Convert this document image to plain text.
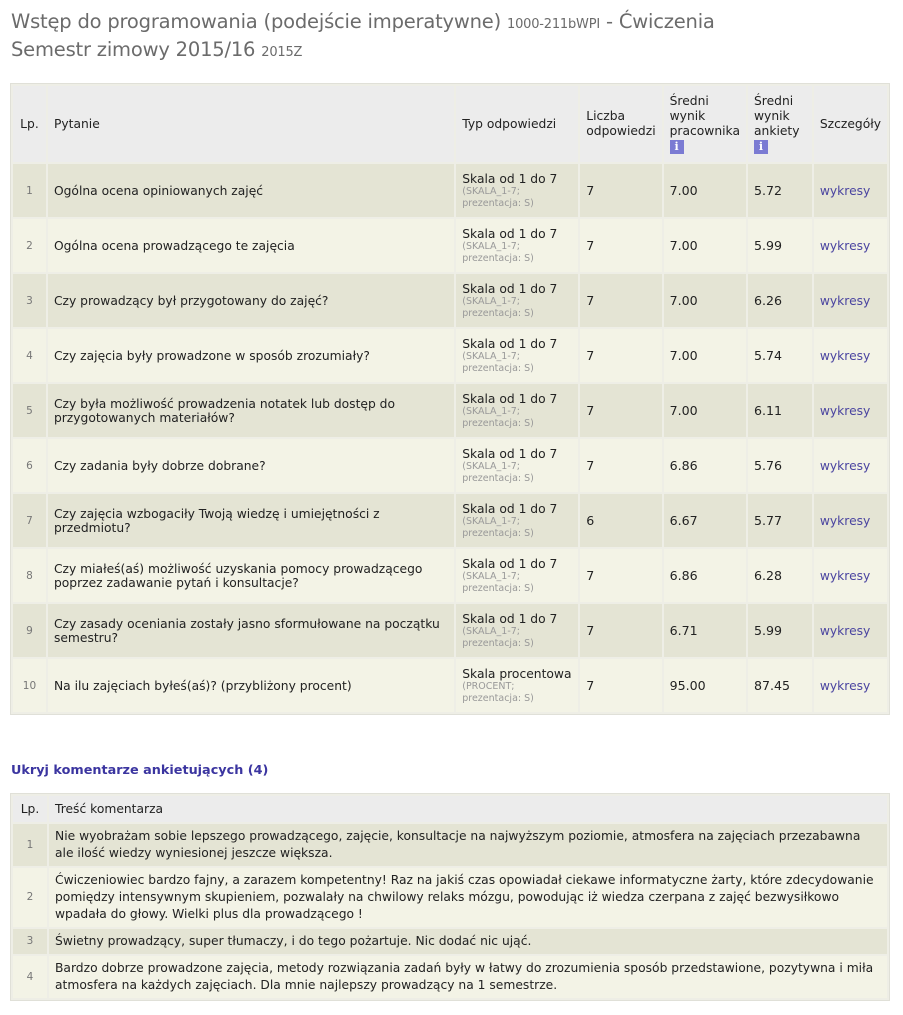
Wstęp do programowania (podejście imperatywne) 1000-211bWPI - Ćwiczenia
Semestr zimowy 2015/16 2015Z
Lp.	Pytanie	Typ odpowiedzi	Liczba
odpowiedzi	Średni
wynik
pracownika
i	Średni
wynik
ankiety
i	Szczegóły
1	Ogólna ocena opiniowanych zajęć	Skala od 1 do 7
(SKALA_1-7;
prezentacja: S)	7	7.00	5.72	wykresy
2	Ogólna ocena prowadzącego te zajęcia	Skala od 1 do 7
(SKALA_1-7;
prezentacja: S)	7	7.00	5.99	wykresy
3	Czy prowadzący był przygotowany do zajęć?	Skala od 1 do 7
(SKALA_1-7;
prezentacja: S)	7	7.00	6.26	wykresy
4	Czy zajęcia były prowadzone w sposób zrozumiały?	Skala od 1 do 7
(SKALA_1-7;
prezentacja: S)	7	7.00	5.74	wykresy
5	Czy była możliwość prowadzenia notatek lub dostęp do przygotowanych materiałów?	Skala od 1 do 7
(SKALA_1-7;
prezentacja: S)	7	7.00	6.11	wykresy
6	Czy zadania były dobrze dobrane?	Skala od 1 do 7
(SKALA_1-7;
prezentacja: S)	7	6.86	5.76	wykresy
7	Czy zajęcia wzbogaciły Twoją wiedzę i umiejętności z przedmiotu?	Skala od 1 do 7
(SKALA_1-7;
prezentacja: S)	6	6.67	5.77	wykresy
8	Czy miałeś(aś) możliwość uzyskania pomocy prowadzącego poprzez zadawanie pytań i konsultacje?	Skala od 1 do 7
(SKALA_1-7;
prezentacja: S)	7	6.86	6.28	wykresy
9	Czy zasady oceniania zostały jasno sformułowane na początku semestru?	Skala od 1 do 7
(SKALA_1-7;
prezentacja: S)	7	6.71	5.99	wykresy
10	Na ilu zajęciach byłeś(aś)? (przybliżony procent)	Skala procentowa
(PROCENT;
prezentacja: S)	7	95.00	87.45	wykresy
Ukryj komentarze ankietujących (4)
Lp.	Treść komentarza
1	Nie wyobrażam sobie lepszego prowadzącego, zajęcie, konsultacje na najwyższym poziomie, atmosfera na zajęciach przezabawna ale ilość wiedzy wyniesionej jeszcze większa.
2	Ćwiczeniowiec bardzo fajny, a zarazem kompetentny! Raz na jakiś czas opowiadał ciekawe informatyczne żarty, które zdecydowanie pomiędzy intensywnym skupieniem, pozwalały na chwilowy relaks mózgu, powodując iż wiedza czerpana z zajęć bezwysiłkowo wpadała do głowy. Wielki plus dla prowadzącego !
3	Świetny prowadzący, super tłumaczy, i do tego pożartuje. Nic dodać nic ująć.
4	Bardzo dobrze prowadzone zajęcia, metody rozwiązania zadań były w łatwy do zrozumienia sposób przedstawione, pozytywna i miła atmosfera na każdych zajęciach. Dla mnie najlepszy prowadzący na 1 semestrze.
